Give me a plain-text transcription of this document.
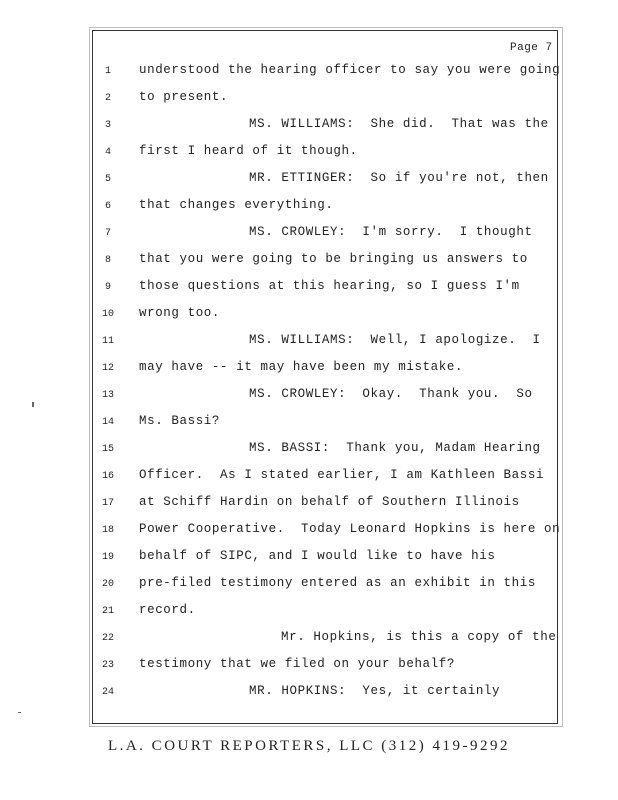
Page 7
1	understood the hearing officer to say you were going
2	to present.
3	MS. WILLIAMS:  She did.  That was the
4	first I heard of it though.
5	MR. ETTINGER:  So if you're not, then
6	that changes everything.
7	MS. CROWLEY:  I'm sorry.  I thought
8	that you were going to be bringing us answers to
9	those questions at this hearing, so I guess I'm
10	wrong too.
11	MS. WILLIAMS:  Well, I apologize.  I
12	may have -- it may have been my mistake.
13	MS. CROWLEY:  Okay.  Thank you.  So
14	Ms. Bassi?
15	MS. BASSI:  Thank you, Madam Hearing
16	Officer.  As I stated earlier, I am Kathleen Bassi
17	at Schiff Hardin on behalf of Southern Illinois
18	Power Cooperative.  Today Leonard Hopkins is here on
19	behalf of SIPC, and I would like to have his
20	pre-filed testimony entered as an exhibit in this
21	record.
22	Mr. Hopkins, is this a copy of the
23	testimony that we filed on your behalf?
24	MR. HOPKINS:  Yes, it certainly
L.A. COURT REPORTERS, LLC (312) 419-9292
